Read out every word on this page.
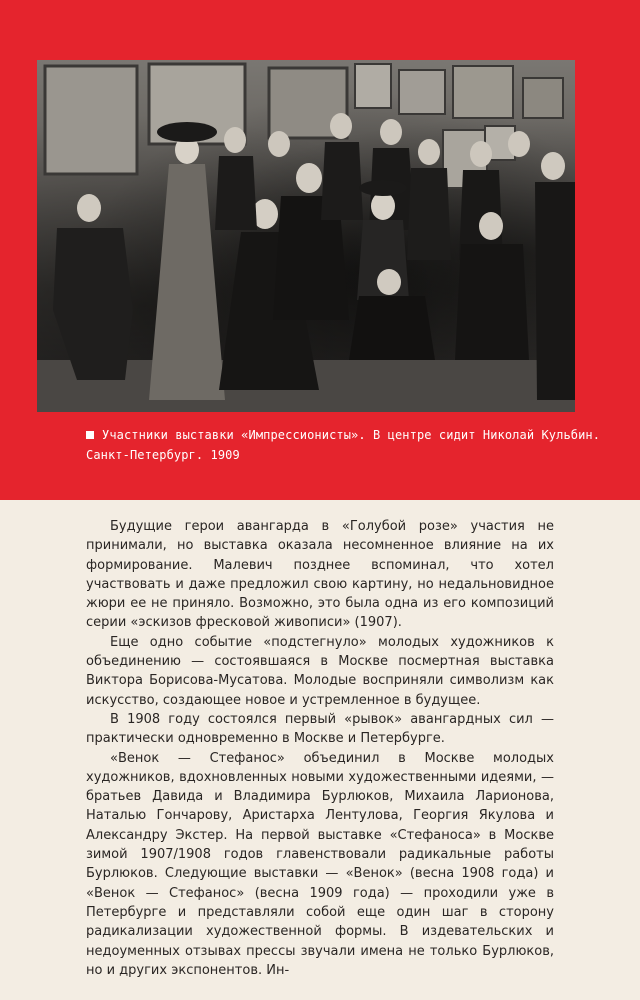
Участники выставки «Импрессионисты». В центре сидит Николай Кульбин. Санкт-Петербург. 1909

Будущие герои авангарда в «Голубой розе» участия не принимали, но выставка оказала несомненное влияние на их формирование. Малевич позднее вспоминал, что хотел участвовать и даже предложил свою картину, но недальновидное жюри ее не приняло. Возможно, это была одна из его композиций серии «эскизов фресковой живописи» (1907).

Еще одно событие «подстегнуло» молодых художников к объединению — состоявшаяся в Москве посмертная выставка Виктора Борисова-Мусатова. Молодые восприняли символизм как искусство, создающее новое и устремленное в будущее.

В 1908 году состоялся первый «рывок» авангардных сил — практически одновременно в Москве и Петербурге.

«Венок — Стефанос» объединил в Москве молодых художников, вдохновленных новыми художественными идеями, — братьев Давида и Владимира Бурлюков, Михаила Ларионова, Наталью Гончарову, Аристарха Лентулова, Георгия Якулова и Александру Экстер. На первой выставке «Стефаноса» в Москве зимой 1907/1908 годов главенствовали радикальные работы Бурлюков. Следующие выставки — «Венок» (весна 1908 года) и «Венок — Стефанос» (весна 1909 года) — проходили уже в Петербурге и представляли собой еще один шаг в сторону радикализации художественной формы. В издевательских и недоуменных отзывах прессы звучали имена не только Бурлюков, но и других экспонентов. Ин-
